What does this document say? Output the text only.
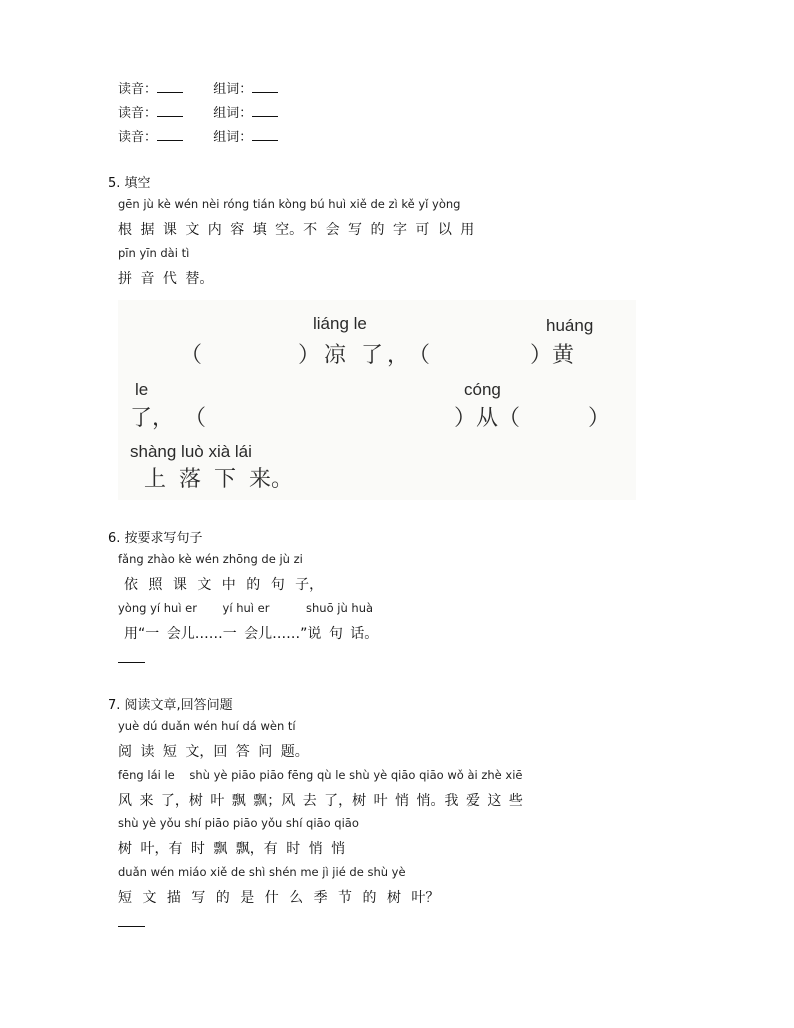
读音：	组词：
读音：	组词：
读音：	组词：
5. 填空
gēn jù kè wén nèi róng tián kòng bú huì xiě de zì kě yǐ yòng
根 据 课 文 内 容 填 空。不 会 写 的 字 可 以 用
pīn yīn dài tì
拼 音 代 替。
liáng le	huáng
（	）凉 了，
（	）黄
le	cóng
了， （	）从（	）
shàng luò xià lái
上 落 下 来。
6. 按要求写句子
fǎng zhào kè wén zhōng de jù zi
依 照 课 文 中 的 句 子，
yòng yí huì er       yí huì er          shuō jù huà
用“一 会儿……一 会儿……”说 句 话。
7. 阅读文章,回答问题
yuè dú duǎn wén huí dá wèn tí
阅 读 短 文，回 答 问 题。
fēng lái le    shù yè piāo piāo fēng qù le shù yè qiāo qiāo wǒ ài zhè xiē
风 来 了，树 叶 飘 飘；风 去 了，树 叶 悄 悄。我 爱 这 些
shù yè yǒu shí piāo piāo yǒu shí qiāo qiāo
树 叶，有 时 飘 飘，有 时 悄 悄
duǎn wén miáo xiě de shì shén me jì jié de shù yè
短 文 描 写 的 是 什 么 季 节 的 树 叶？
